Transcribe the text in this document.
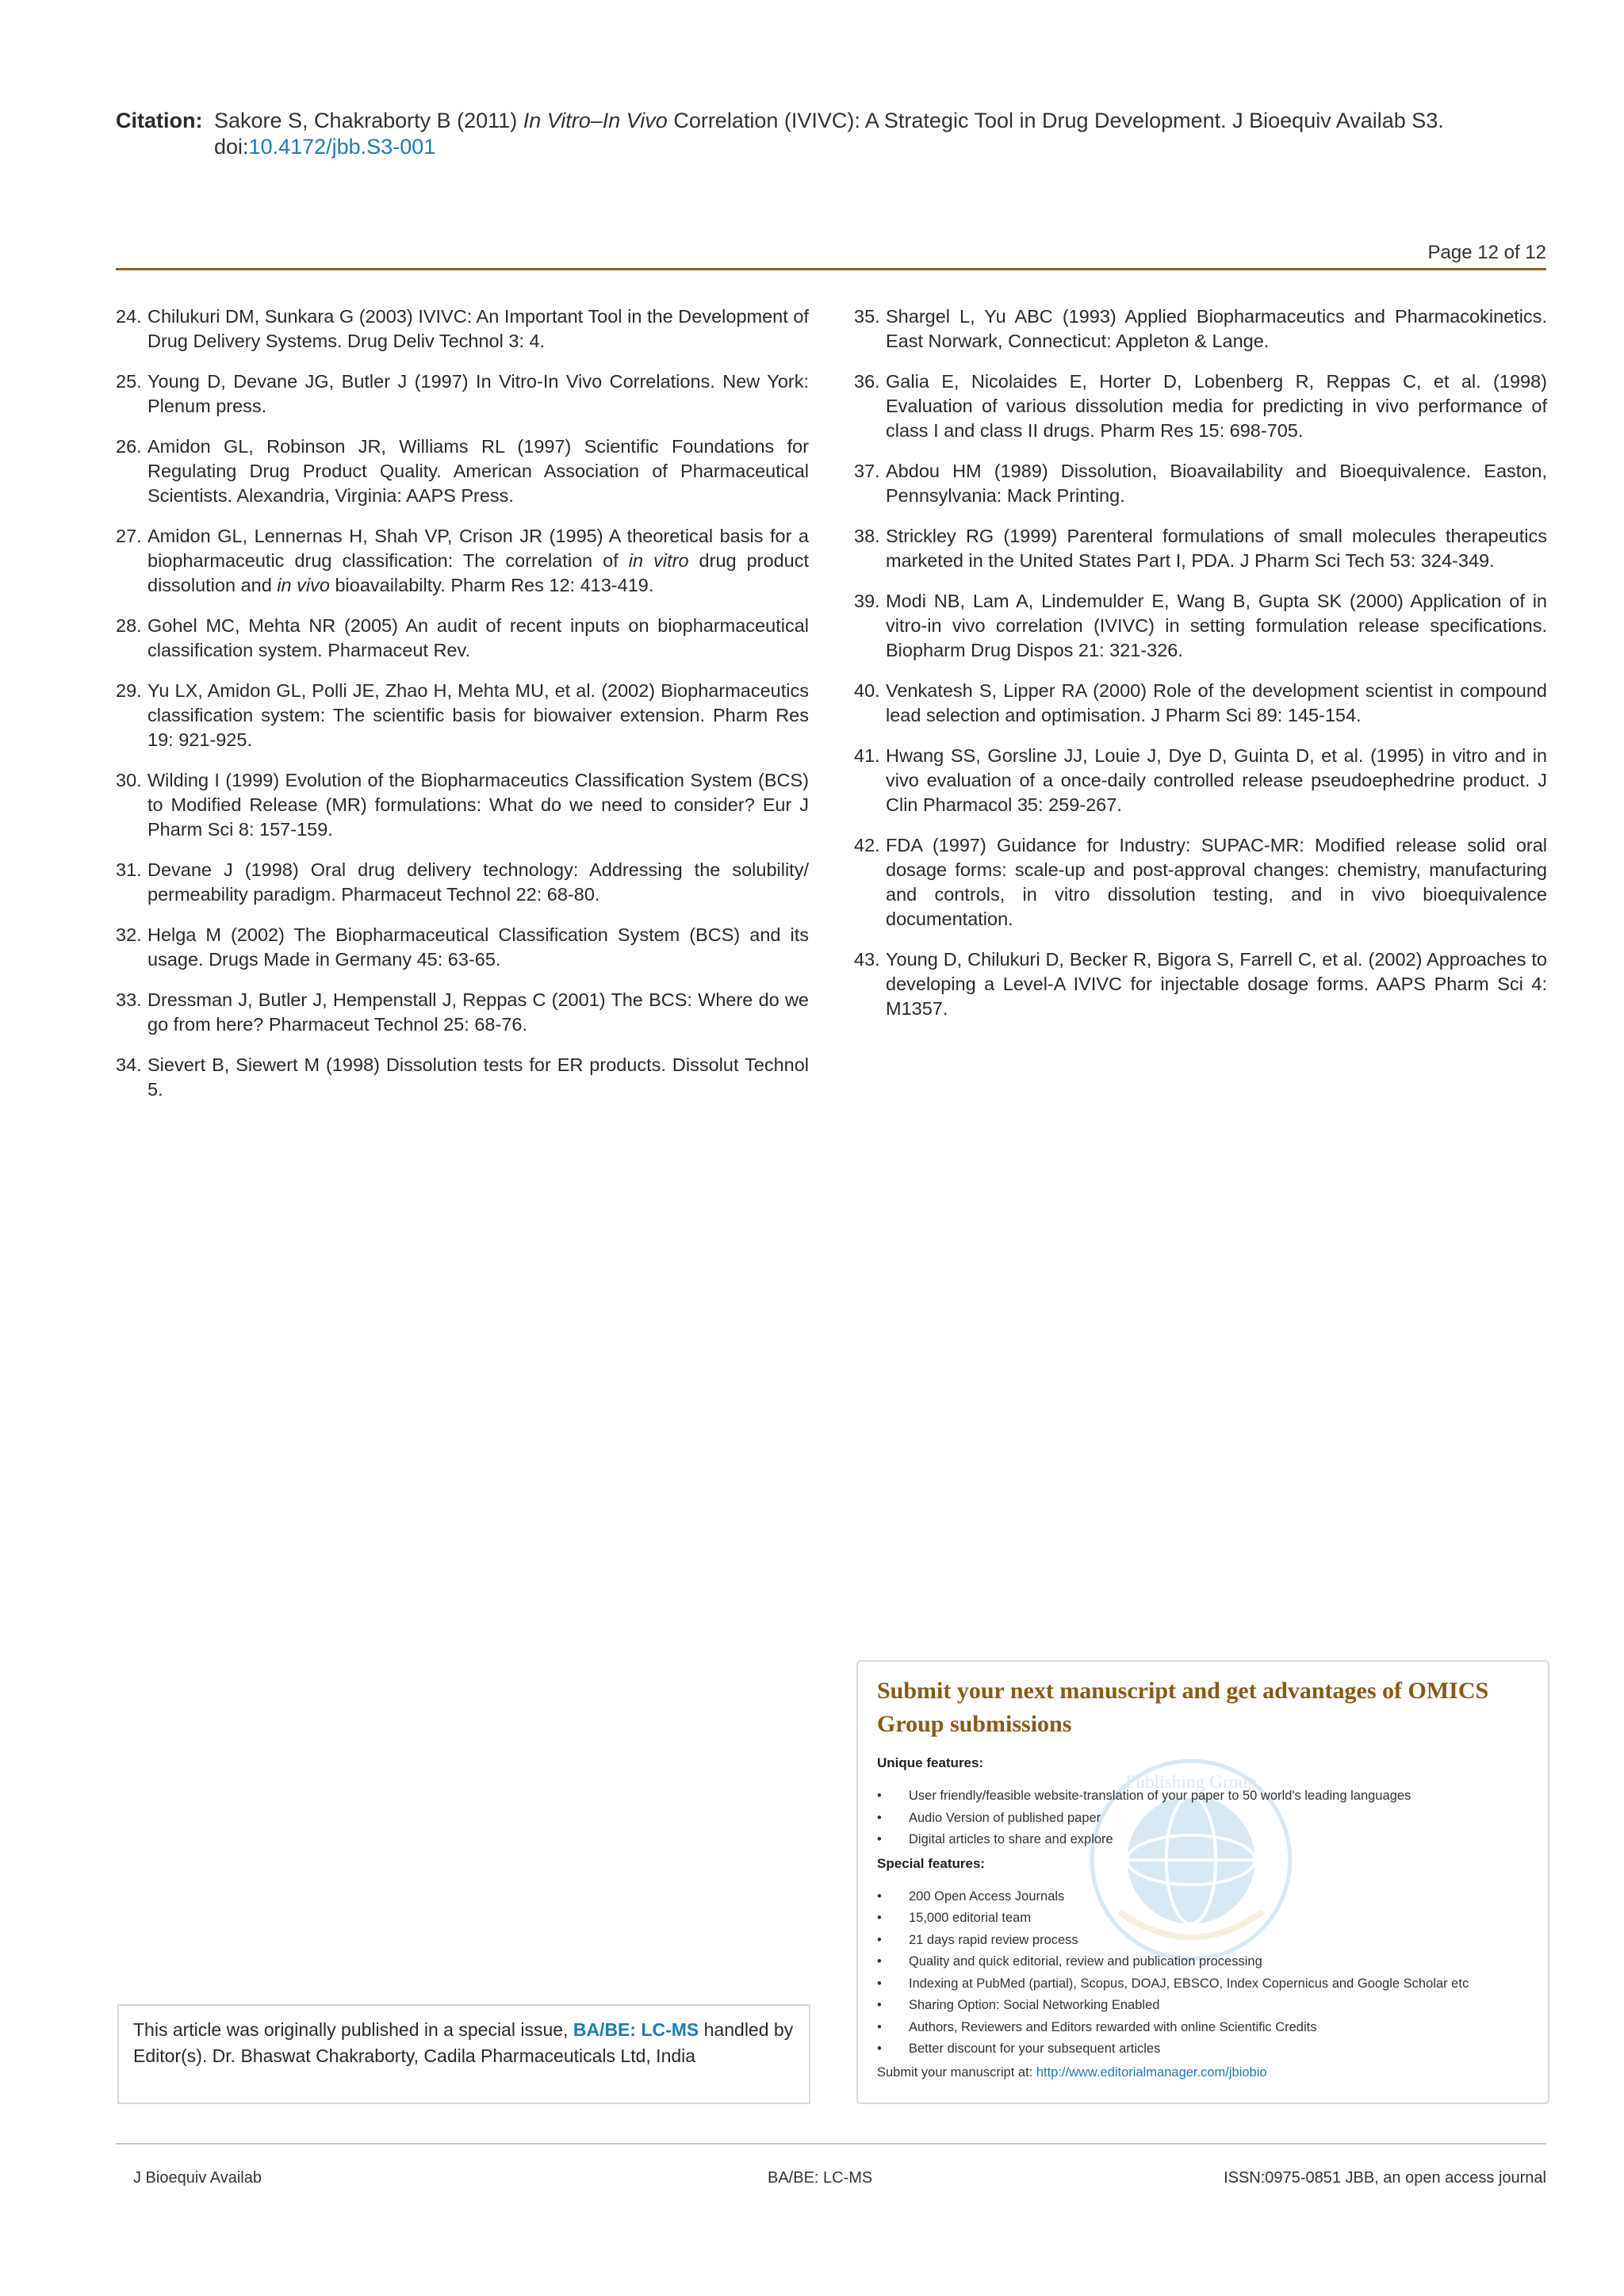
Citation: Sakore S, Chakraborty B (2011) In Vitro–In Vivo Correlation (IVIVC): A Strategic Tool in Drug Development. J Bioequiv Availab S3.
doi:10.4172/jbb.S3-001
Page 12 of 12
24. Chilukuri DM, Sunkara G (2003) IVIVC: An Important Tool in the Development of Drug Delivery Systems. Drug Deliv Technol 3: 4.
25. Young D, Devane JG, Butler J (1997) In Vitro-In Vivo Correlations. New York: Plenum press.
26. Amidon GL, Robinson JR, Williams RL (1997) Scientific Foundations for Regulating Drug Product Quality. American Association of Pharmaceutical Scientists. Alexandria, Virginia: AAPS Press.
27. Amidon GL, Lennernas H, Shah VP, Crison JR (1995) A theoretical basis for a biopharmaceutic drug classification: The correlation of in vitro drug product dissolution and in vivo bioavailabilty. Pharm Res 12: 413-419.
28. Gohel MC, Mehta NR (2005) An audit of recent inputs on biopharmaceutical classification system. Pharmaceut Rev.
29. Yu LX, Amidon GL, Polli JE, Zhao H, Mehta MU, et al. (2002) Biopharmaceutics classification system: The scientific basis for biowaiver extension. Pharm Res 19: 921-925.
30. Wilding I (1999) Evolution of the Biopharmaceutics Classification System (BCS) to Modified Release (MR) formulations: What do we need to consider? Eur J Pharm Sci 8: 157-159.
31. Devane J (1998) Oral drug delivery technology: Addressing the solubility/ permeability paradigm. Pharmaceut Technol 22: 68-80.
32. Helga M (2002) The Biopharmaceutical Classification System (BCS) and its usage. Drugs Made in Germany 45: 63-65.
33. Dressman J, Butler J, Hempenstall J, Reppas C (2001) The BCS: Where do we go from here? Pharmaceut Technol 25: 68-76.
34. Sievert B, Siewert M (1998) Dissolution tests for ER products. Dissolut Technol 5.
35. Shargel L, Yu ABC (1993) Applied Biopharmaceutics and Pharmacokinetics. East Norwark, Connecticut: Appleton & Lange.
36. Galia E, Nicolaides E, Horter D, Lobenberg R, Reppas C, et al. (1998) Evaluation of various dissolution media for predicting in vivo performance of class I and class II drugs. Pharm Res 15: 698-705.
37. Abdou HM (1989) Dissolution, Bioavailability and Bioequivalence. Easton, Pennsylvania: Mack Printing.
38. Strickley RG (1999) Parenteral formulations of small molecules therapeutics marketed in the United States Part I, PDA. J Pharm Sci Tech 53: 324-349.
39. Modi NB, Lam A, Lindemulder E, Wang B, Gupta SK (2000) Application of in vitro-in vivo correlation (IVIVC) in setting formulation release specifications. Biopharm Drug Dispos 21: 321-326.
40. Venkatesh S, Lipper RA (2000) Role of the development scientist in compound lead selection and optimisation. J Pharm Sci 89: 145-154.
41. Hwang SS, Gorsline JJ, Louie J, Dye D, Guinta D, et al. (1995) in vitro and in vivo evaluation of a once-daily controlled release pseudoephedrine product. J Clin Pharmacol 35: 259-267.
42. FDA (1997) Guidance for Industry: SUPAC-MR: Modified release solid oral dosage forms: scale-up and post-approval changes: chemistry, manufacturing and controls, in vitro dissolution testing, and in vivo bioequivalence documentation.
43. Young D, Chilukuri D, Becker R, Bigora S, Farrell C, et al. (2002) Approaches to developing a Level-A IVIVC for injectable dosage forms. AAPS Pharm Sci 4: M1357.
Publishing Group
Submit your next manuscript and get advantages of OMICS Group submissions
Unique features:
• User friendly/feasible website-translation of your paper to 50 world's leading languages
• Audio Version of published paper
• Digital articles to share and explore
Special features:
• 200 Open Access Journals
• 15,000 editorial team
• 21 days rapid review process
• Quality and quick editorial, review and publication processing
• Indexing at PubMed (partial), Scopus, DOAJ, EBSCO, Index Copernicus and Google Scholar etc
• Sharing Option: Social Networking Enabled
• Authors, Reviewers and Editors rewarded with online Scientific Credits
• Better discount for your subsequent articles
Submit your manuscript at: http://www.editorialmanager.com/jbiobio
This article was originally published in a special issue, BA/BE: LC-MS handled by Editor(s). Dr. Bhaswat Chakraborty, Cadila Pharmaceuticals Ltd, India
J Bioequiv Availab	BA/BE: LC-MS	ISSN:0975-0851 JBB, an open access journal
